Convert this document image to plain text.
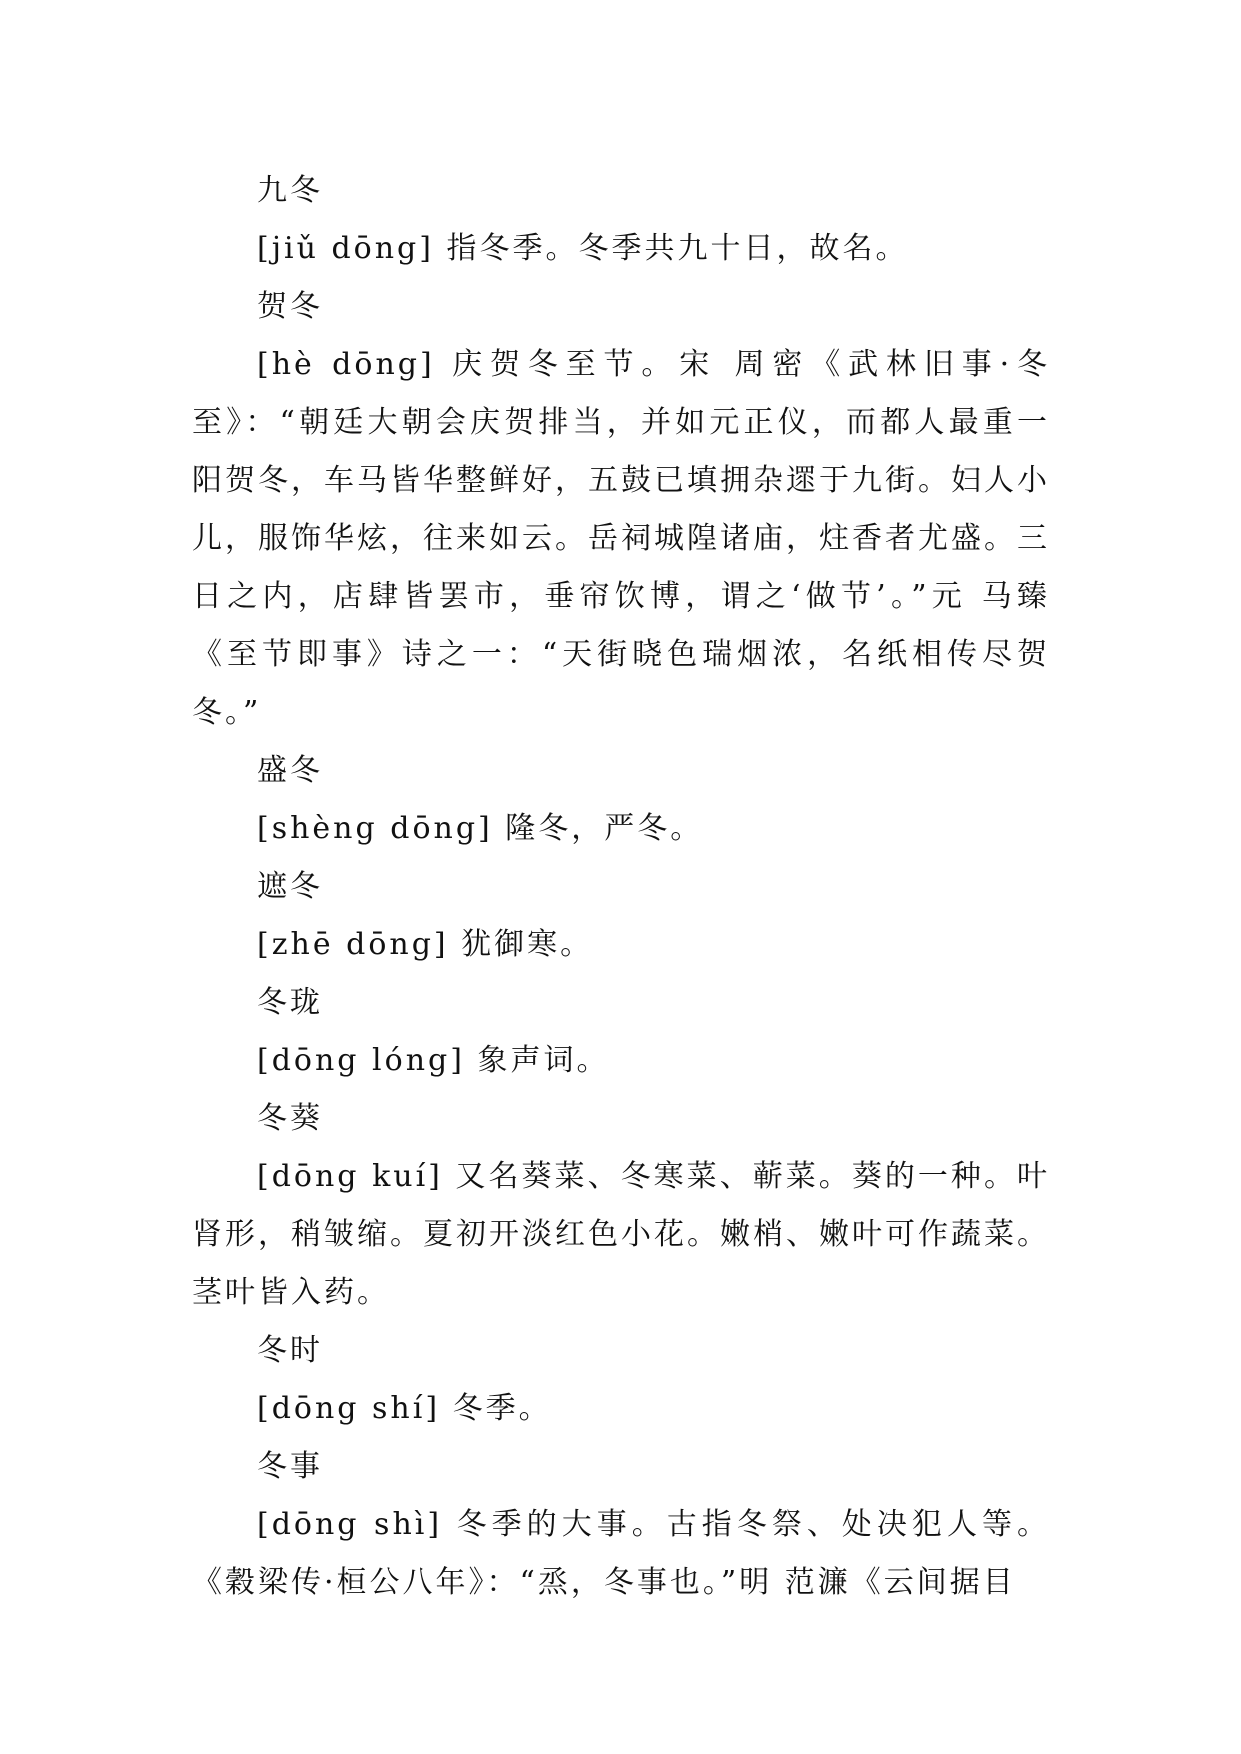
九冬

[jiǔ dōng] 指冬季。冬季共九十日，故名。

贺冬

[hè dōng] 庆贺冬至节。宋 周密《武林旧事·冬至》：“朝廷大朝会庆贺排当，并如元正仪，而都人最重一阳贺冬，车马皆华整鲜好，五鼓已填拥杂遝于九街。妇人小儿，服饰华炫，往来如云。岳祠城隍诸庙，炷香者尤盛。三日之内，店肆皆罢市，垂帘饮博，谓之‘做节’。”元 马臻《至节即事》诗之一：“天街晓色瑞烟浓，名纸相传尽贺冬。”

盛冬

[shèng dōng] 隆冬，严冬。

遮冬

[zhē dōng] 犹御寒。

冬珑

[dōng lóng] 象声词。

冬葵

[dōng kuí] 又名葵菜、冬寒菜、蕲菜。葵的一种。叶肾形，稍皱缩。夏初开淡红色小花。嫩梢、嫩叶可作蔬菜。茎叶皆入药。

冬时

[dōng shí] 冬季。

冬事

[dōng shì] 冬季的大事。古指冬祭、处决犯人等。《穀梁传·桓公八年》：“烝，冬事也。”明 范濂《云间据目
